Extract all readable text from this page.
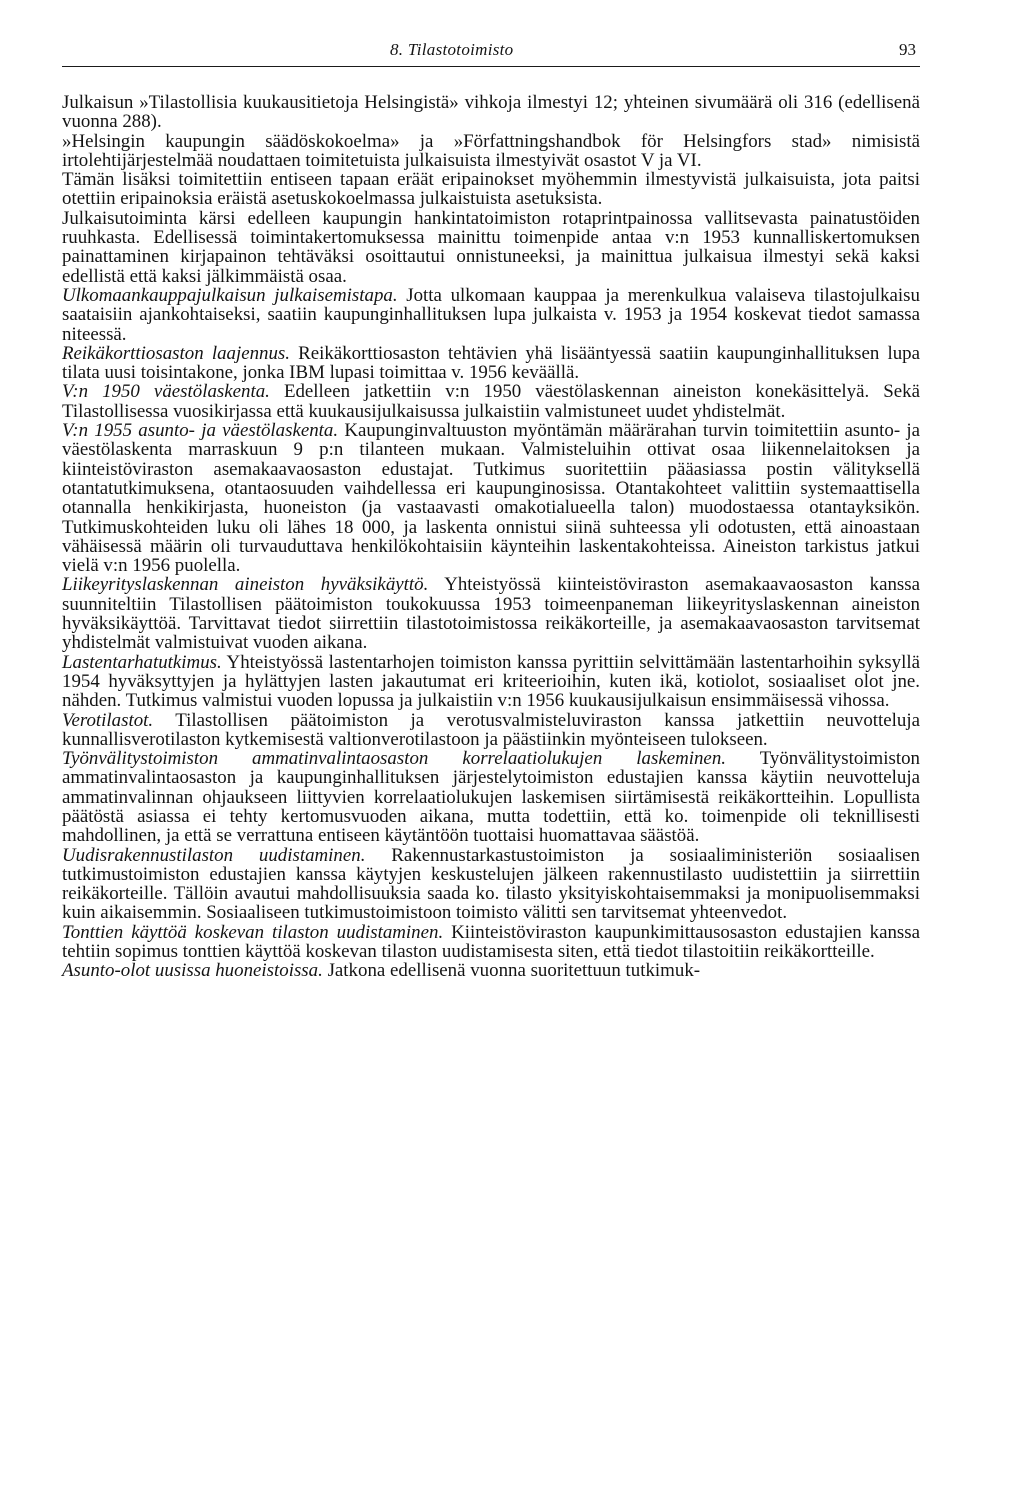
8. Tilastotoimisto	93

Julkaisun »Tilastollisia kuukausitietoja Helsingistä» vihkoja ilmestyi 12; yhteinen sivumäärä oli 316 (edellisenä vuonna 288).

»Helsingin kaupungin säädöskokoelma» ja »Författningshandbok för Helsingfors stad» nimisistä irtolehtijärjestelmää noudattaen toimitetuista julkaisuista ilmestyivät osastot V ja VI.

Tämän lisäksi toimitettiin entiseen tapaan eräät eripainokset myöhemmin ilmestyvistä julkaisuista, jota paitsi otettiin eripainoksia eräistä asetuskokoelmassa julkaistuista asetuksista.

Julkaisutoiminta kärsi edelleen kaupungin hankintatoimiston rotaprintpainossa vallitsevasta painatustöiden ruuhkasta. Edellisessä toimintakertomuksessa mainittu toimenpide antaa v:n 1953 kunnalliskertomuksen painattaminen kirjapainon tehtäväksi osoittautui onnistuneeksi, ja mainittua julkaisua ilmestyi sekä kaksi edellistä että kaksi jälkimmäistä osaa.

Ulkomaankauppajulkaisun julkaisemistapa. Jotta ulkomaan kauppaa ja merenkulkua valaiseva tilastojulkaisu saataisiin ajankohtaiseksi, saatiin kaupunginhallituksen lupa julkaista v. 1953 ja 1954 koskevat tiedot samassa niteessä.

Reikäkorttiosaston laajennus. Reikäkorttiosaston tehtävien yhä lisääntyessä saatiin kaupunginhallituksen lupa tilata uusi toisintakone, jonka IBM lupasi toimittaa v. 1956 keväällä.

V:n 1950 väestölaskenta. Edelleen jatkettiin v:n 1950 väestölaskennan aineiston konekäsittelyä. Sekä Tilastollisessa vuosikirjassa että kuukausijulkaisussa julkaistiin valmistuneet uudet yhdistelmät.

V:n 1955 asunto- ja väestölaskenta. Kaupunginvaltuuston myöntämän määrärahan turvin toimitettiin asunto- ja väestölaskenta marraskuun 9 p:n tilanteen mukaan. Valmisteluihin ottivat osaa liikennelaitoksen ja kiinteistöviraston asemakaavaosaston edustajat. Tutkimus suoritettiin pääasiassa postin välityksellä otantatutkimuksena, otantaosuuden vaihdellessa eri kaupunginosissa. Otantakohteet valittiin systemaattisella otannalla henkikirjasta, huoneiston (ja vastaavasti omakotialueella talon) muodostaessa otantayksikön. Tutkimuskohteiden luku oli lähes 18 000, ja laskenta onnistui siinä suhteessa yli odotusten, että ainoastaan vähäisessä määrin oli turvauduttava henkilökohtaisiin käynteihin laskentakohteissa. Aineiston tarkistus jatkui vielä v:n 1956 puolella.

Liikeyrityslaskennan aineiston hyväksikäyttö. Yhteistyössä kiinteistöviraston asemakaavaosaston kanssa suunniteltiin Tilastollisen päätoimiston toukokuussa 1953 toimeenpaneman liikeyrityslaskennan aineiston hyväksikäyttöä. Tarvittavat tiedot siirrettiin tilastotoimistossa reikäkorteille, ja asemakaavaosaston tarvitsemat yhdistelmät valmistuivat vuoden aikana.

Lastentarhatutkimus. Yhteistyössä lastentarhojen toimiston kanssa pyrittiin selvittämään lastentarhoihin syksyllä 1954 hyväksyttyjen ja hylättyjen lasten jakautumat eri kriteerioihin, kuten ikä, kotiolot, sosiaaliset olot jne. nähden. Tutkimus valmistui vuoden lopussa ja julkaistiin v:n 1956 kuukausijulkaisun ensimmäisessä vihossa.

Verotilastot. Tilastollisen päätoimiston ja verotusvalmisteluviraston kanssa jatkettiin neuvotteluja kunnallisverotilaston kytkemisestä valtionverotilastoon ja päästiinkin myönteiseen tulokseen.

Työnvälitystoimiston ammatinvalintaosaston korrelaatiolukujen laskeminen. Työnvälitystoimiston ammatinvalintaosaston ja kaupunginhallituksen järjestelytoimiston edustajien kanssa käytiin neuvotteluja ammatinvalinnan ohjaukseen liittyvien korrelaatiolukujen laskemisen siirtämisestä reikäkortteihin. Lopullista päätöstä asiassa ei tehty kertomusvuoden aikana, mutta todettiin, että ko. toimenpide oli teknillisesti mahdollinen, ja että se verrattuna entiseen käytäntöön tuottaisi huomattavaa säästöä.

Uudisrakennustilaston uudistaminen. Rakennustarkastustoimiston ja sosiaaliministeriön sosiaalisen tutkimustoimiston edustajien kanssa käytyjen keskustelujen jälkeen rakennustilasto uudistettiin ja siirrettiin reikäkorteille. Tällöin avautui mahdollisuuksia saada ko. tilasto yksityiskohtaisemmaksi ja monipuolisemmaksi kuin aikaisemmin. Sosiaaliseen tutkimustoimistoon toimisto välitti sen tarvitsemat yhteenvedot.

Tonttien käyttöä koskevan tilaston uudistaminen. Kiinteistöviraston kaupunkimittausosaston edustajien kanssa tehtiin sopimus tonttien käyttöä koskevan tilaston uudistamisesta siten, että tiedot tilastoitiin reikäkortteille.

Asunto-olot uusissa huoneistoissa. Jatkona edellisenä vuonna suoritettuun tutkimuk-
